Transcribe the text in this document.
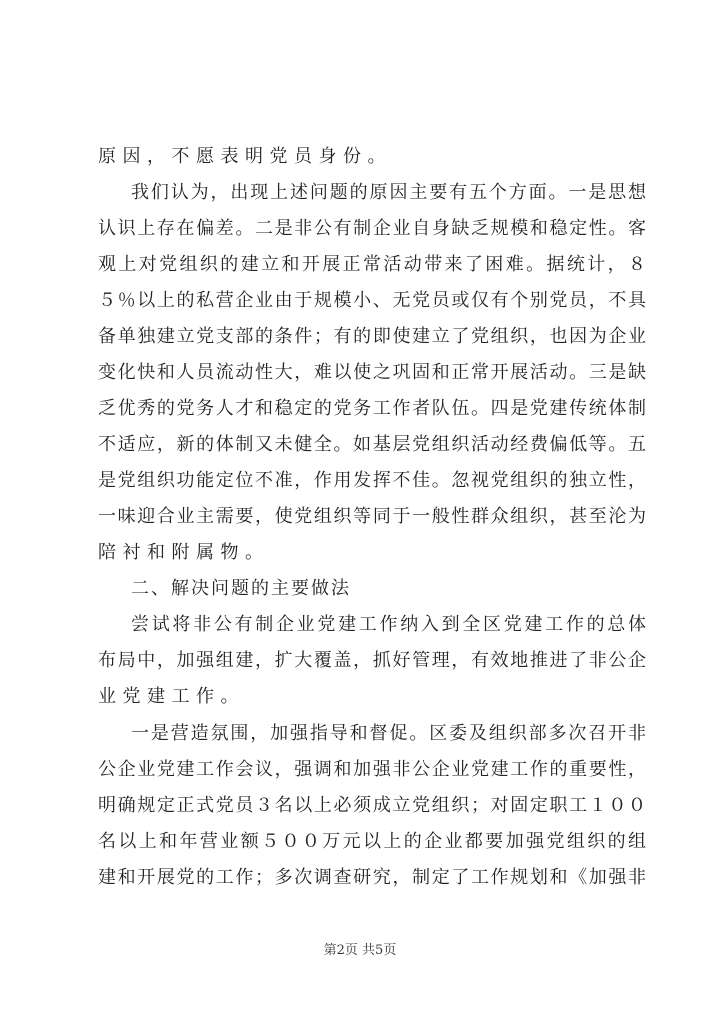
原因，不愿表明党员身份。
我们认为，出现上述问题的原因主要有五个方面。一是思想
认识上存在偏差。二是非公有制企业自身缺乏规模和稳定性。客
观上对党组织的建立和开展正常活动带来了困难。据统计，８
５％以上的私营企业由于规模小、无党员或仅有个别党员，不具
备单独建立党支部的条件；有的即使建立了党组织，也因为企业
变化快和人员流动性大，难以使之巩固和正常开展活动。三是缺
乏优秀的党务人才和稳定的党务工作者队伍。四是党建传统体制
不适应，新的体制又未健全。如基层党组织活动经费偏低等。五
是党组织功能定位不准，作用发挥不佳。忽视党组织的独立性，
一味迎合业主需要，使党组织等同于一般性群众组织，甚至沦为
陪衬和附属物。
二、解决问题的主要做法
尝试将非公有制企业党建工作纳入到全区党建工作的总体
布局中，加强组建，扩大覆盖，抓好管理，有效地推进了非公企
业党建工作。
一是营造氛围，加强指导和督促。区委及组织部多次召开非
公企业党建工作会议，强调和加强非公企业党建工作的重要性，
明确规定正式党员３名以上必须成立党组织；对固定职工１００
名以上和年营业额５００万元以上的企业都要加强党组织的组
建和开展党的工作；多次调查研究，制定了工作规划和《加强非
第2页 共5页
